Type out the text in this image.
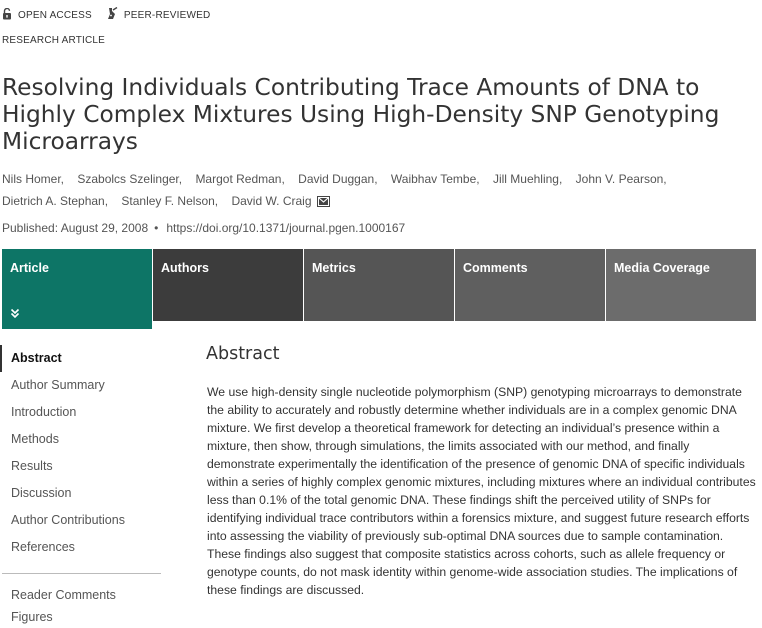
OPEN ACCESS	PEER-REVIEWED
RESEARCH ARTICLE
Resolving Individuals Contributing Trace Amounts of DNA to Highly Complex Mixtures Using High-Density SNP Genotyping Microarrays
Nils Homer, Szabolcs Szelinger, Margot Redman, David Duggan, Waibhav Tembe, Jill Muehling, John V. Pearson,
Dietrich A. Stephan, Stanley F. Nelson, David W. Craig
Published: August 29, 2008 • https://doi.org/10.1371/journal.pgen.1000167
Article	Authors	Metrics	Comments	Media Coverage
Abstract
Author Summary
Introduction
Methods
Results
Discussion
Author Contributions
References
Reader Comments
Figures
Abstract

We use high-density single nucleotide polymorphism (SNP) genotyping microarrays to demonstrate the ability to accurately and robustly determine whether individuals are in a complex genomic DNA mixture. We first develop a theoretical framework for detecting an individual’s presence within a mixture, then show, through simulations, the limits associated with our method, and finally demonstrate experimentally the identification of the presence of genomic DNA of specific individuals within a series of highly complex genomic mixtures, including mixtures where an individual contributes less than 0.1% of the total genomic DNA. These findings shift the perceived utility of SNPs for identifying individual trace contributors within a forensics mixture, and suggest future research efforts into assessing the viability of previously sub-optimal DNA sources due to sample contamination. These findings also suggest that composite statistics across cohorts, such as allele frequency or genotype counts, do not mask identity within genome-wide association studies. The implications of these findings are discussed.
